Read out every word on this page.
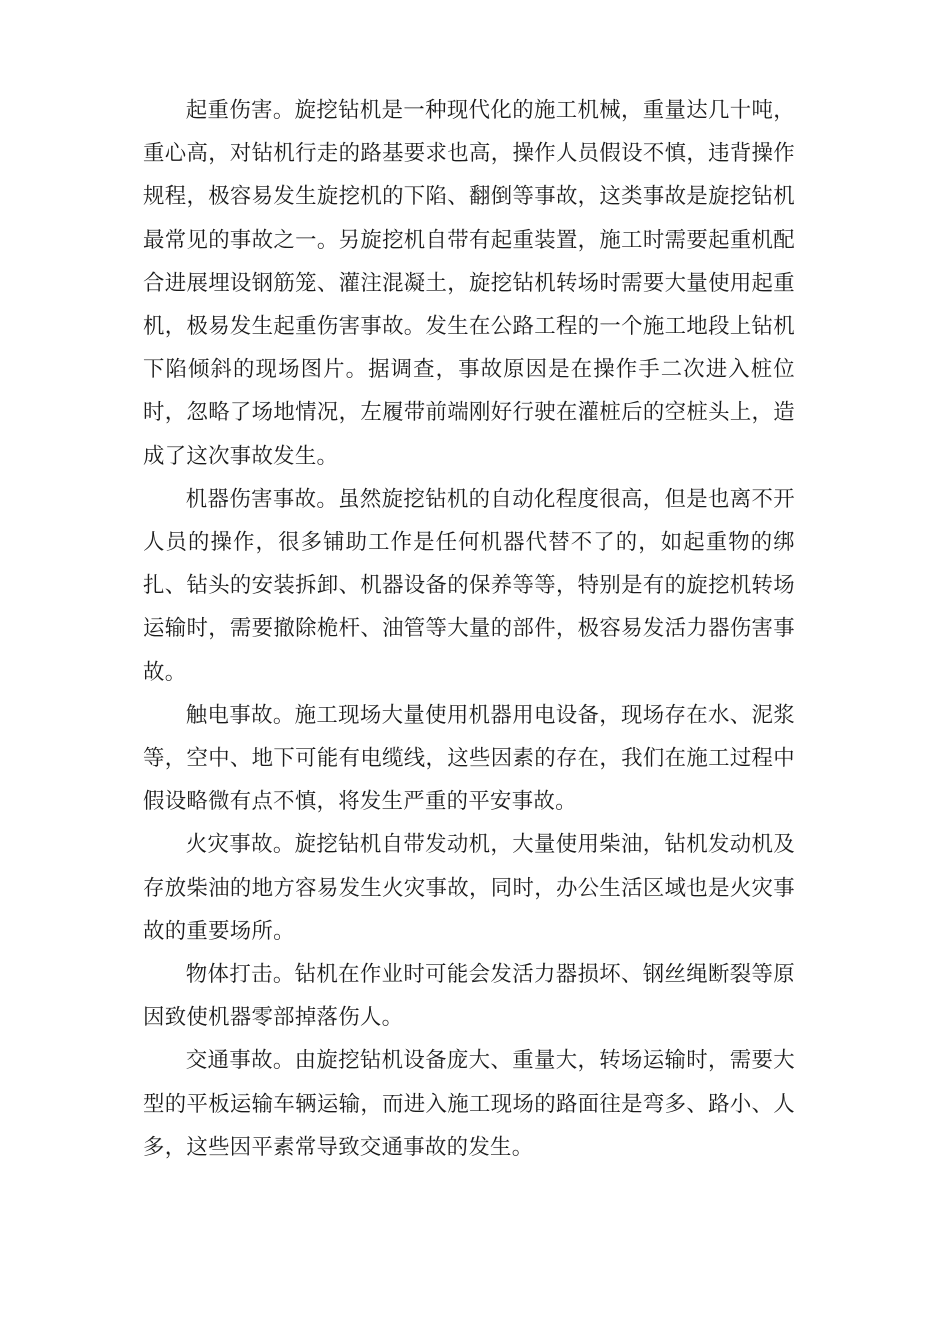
起重伤害。旋挖钻机是一种现代化的施工机械，重量达几十吨，重心高，对钻机行走的路基要求也高，操作人员假设不慎，违背操作规程，极容易发生旋挖机的下陷、翻倒等事故，这类事故是旋挖钻机最常见的事故之一。另旋挖机自带有起重装置，施工时需要起重机配合进展埋设钢筋笼、灌注混凝土，旋挖钻机转场时需要大量使用起重机，极易发生起重伤害事故。发生在公路工程的一个施工地段上钻机下陷倾斜的现场图片。据调查，事故原因是在操作手二次进入桩位时，忽略了场地情况，左履带前端刚好行驶在灌桩后的空桩头上，造成了这次事故发生。

机器伤害事故。虽然旋挖钻机的自动化程度很高，但是也离不开人员的操作，很多铺助工作是任何机器代替不了的，如起重物的绑扎、钻头的安装拆卸、机器设备的保养等等，特别是有的旋挖机转场运输时，需要撤除桅杆、油管等大量的部件，极容易发活力器伤害事故。

触电事故。施工现场大量使用机器用电设备，现场存在水、泥浆等，空中、地下可能有电缆线，这些因素的存在，我们在施工过程中假设略微有点不慎，将发生严重的平安事故。

火灾事故。旋挖钻机自带发动机，大量使用柴油，钻机发动机及存放柴油的地方容易发生火灾事故，同时，办公生活区域也是火灾事故的重要场所。

物体打击。钻机在作业时可能会发活力器损坏、钢丝绳断裂等原因致使机器零部掉落伤人。

交通事故。由旋挖钻机设备庞大、重量大，转场运输时，需要大型的平板运输车辆运输，而进入施工现场的路面往是弯多、路小、人多，这些因平素常导致交通事故的发生。
